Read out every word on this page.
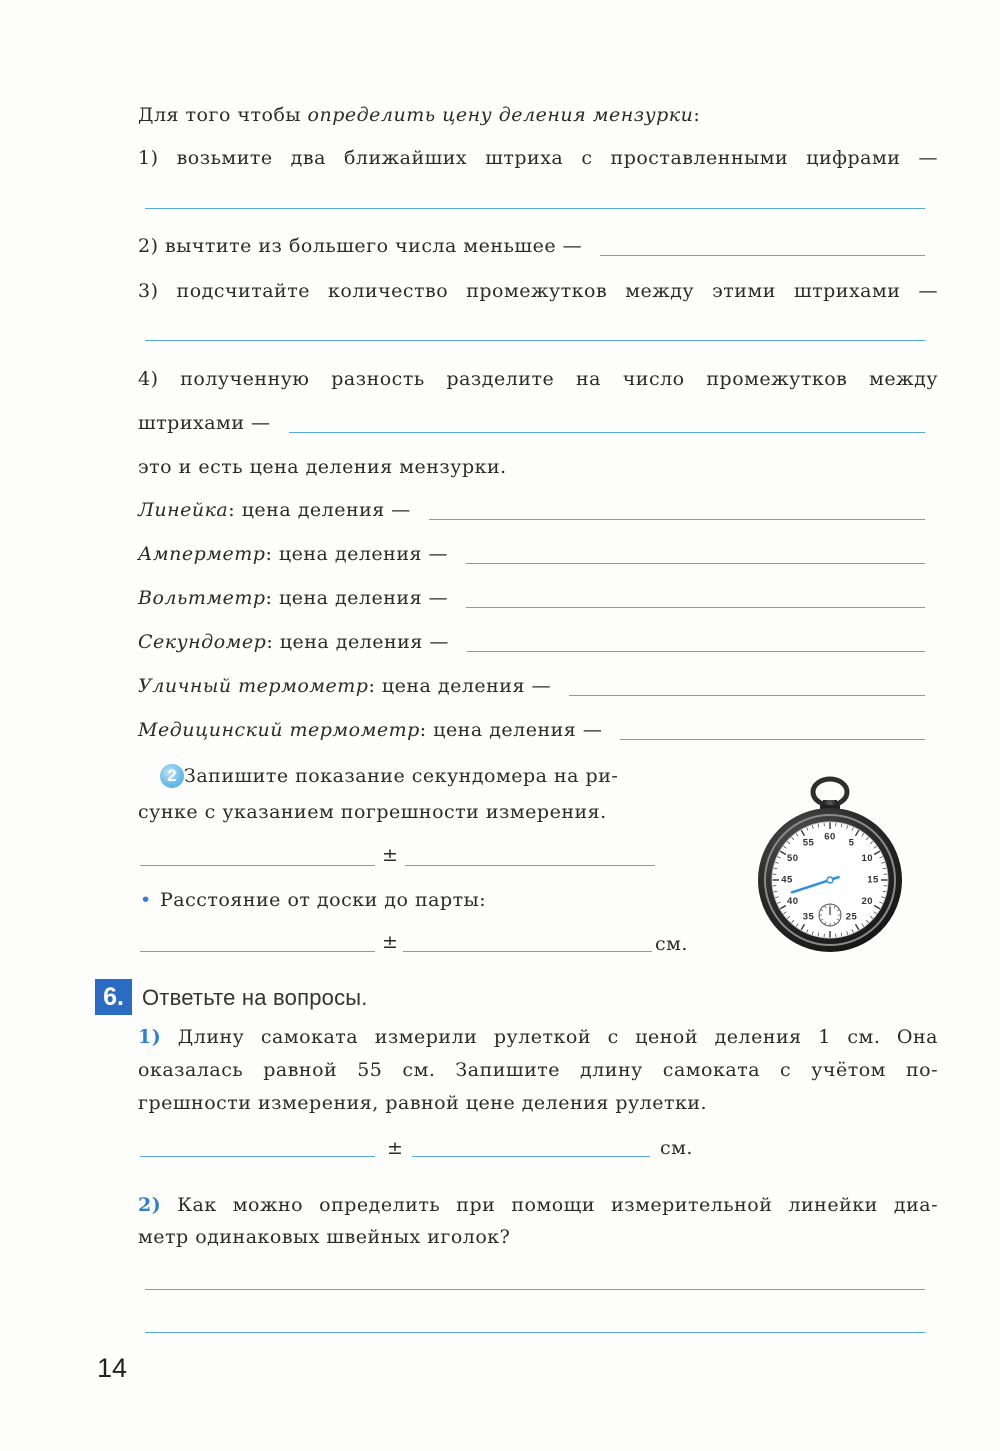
Для того чтобы определить цену деления мензурки:
1) возьмите два ближайших штриха с проставленными цифрами —
2) вычтите из большего числа меньшее —
3) подсчитайте количество промежутков между этими штрихами —
4) полученную разность разделите на число промежутков между
штрихами —
это и есть цена деления мензурки.
Линейка: цена деления —
Амперметр: цена деления —
Вольтметр: цена деления —
Секундомер: цена деления —
Уличный термометр: цена деления —
Медицинский термометр: цена деления —
2 Запишите показание секундомера на ри-
сунке с указанием погрешности измерения.
±
• Расстояние от доски до парты:
±	см.
60
5
10
15
20
25
35
40
45
50
55
6. Ответьте на вопросы.
1) Длину самоката измерили рулеткой с ценой деления 1 см. Она
оказалась равной 55 см. Запишите длину самоката с учётом по-
грешности измерения, равной цене деления рулетки.
±	см.
2) Как можно определить при помощи измерительной линейки диа-
метр одинаковых швейных иголок?
14
